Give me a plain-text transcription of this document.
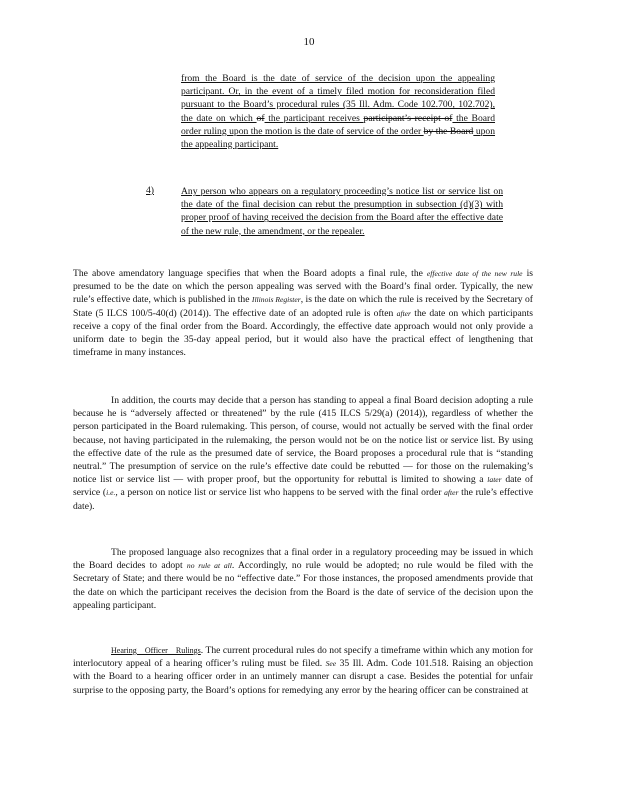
10
from the Board is the date of service of the decision upon the appealing participant. Or, in the event of a timely filed motion for reconsideration filed pursuant to the Board’s procedural rules (35 Ill. Adm. Code 102.700, 102.702), the date on which of the participant receives participant’s receipt of the Board order ruling upon the motion is the date of service of the order by the Board upon the appealing participant.
4)	Any person who appears on a regulatory proceeding’s notice list or service list on the date of the final decision can rebut the presumption in subsection (d)(3) with proper proof of having received the decision from the Board after the effective date of the new rule, the amendment, or the repealer.
The above amendatory language specifies that when the Board adopts a final rule, the effective date of the new rule is presumed to be the date on which the person appealing was served with the Board’s final order. Typically, the new rule’s effective date, which is published in the Illinois Register, is the date on which the rule is received by the Secretary of State (5 ILCS 100/5-40(d) (2014)). The effective date of an adopted rule is often after the date on which participants receive a copy of the final order from the Board. Accordingly, the effective date approach would not only provide a uniform date to begin the 35-day appeal period, but it would also have the practical effect of lengthening that timeframe in many instances.
In addition, the courts may decide that a person has standing to appeal a final Board decision adopting a rule because he is “adversely affected or threatened” by the rule (415 ILCS 5/29(a) (2014)), regardless of whether the person participated in the Board rulemaking. This person, of course, would not actually be served with the final order because, not having participated in the rulemaking, the person would not be on the notice list or service list. By using the effective date of the rule as the presumed date of service, the Board proposes a procedural rule that is “standing neutral.” The presumption of service on the rule’s effective date could be rebutted — for those on the rulemaking’s notice list or service list — with proper proof, but the opportunity for rebuttal is limited to showing a later date of service (i.e., a person on notice list or service list who happens to be served with the final order after the rule’s effective date).
The proposed language also recognizes that a final order in a regulatory proceeding may be issued in which the Board decides to adopt no rule at all. Accordingly, no rule would be adopted; no rule would be filed with the Secretary of State; and there would be no “effective date.” For those instances, the proposed amendments provide that the date on which the participant receives the decision from the Board is the date of service of the decision upon the appealing participant.
Hearing Officer Rulings. The current procedural rules do not specify a timeframe within which any motion for interlocutory appeal of a hearing officer’s ruling must be filed. See 35 Ill. Adm. Code 101.518. Raising an objection with the Board to a hearing officer order in an untimely manner can disrupt a case. Besides the potential for unfair surprise to the opposing party, the Board’s options for remedying any error by the hearing officer can be constrained at
